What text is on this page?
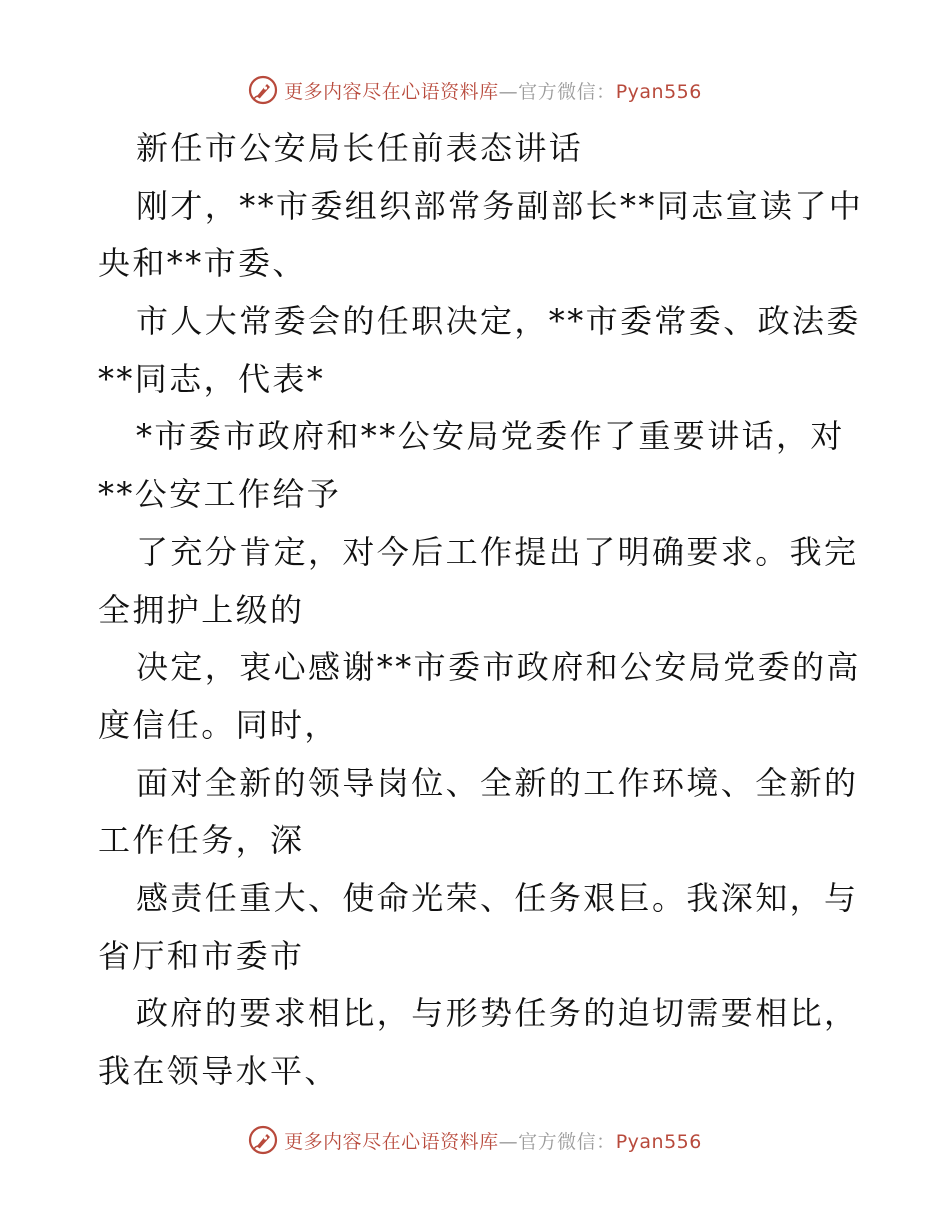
更多内容尽在心语资料库—官方微信：Pyan556
新任市公安局长任前表态讲话
刚才，**市委组织部常务副部长**同志宣读了中
央和**市委、
市人大常委会的任职决定，**市委常委、政法委
**同志，代表*
*市委市政府和**公安局党委作了重要讲话，对
**公安工作给予
了充分肯定，对今后工作提出了明确要求。我完
全拥护上级的
决定，衷心感谢**市委市政府和公安局党委的高
度信任。同时，
面对全新的领导岗位、全新的工作环境、全新的
工作任务，深
感责任重大、使命光荣、任务艰巨。我深知，与
省厅和市委市
政府的要求相比，与形势任务的迫切需要相比，
我在领导水平、
更多内容尽在心语资料库—官方微信：Pyan556
